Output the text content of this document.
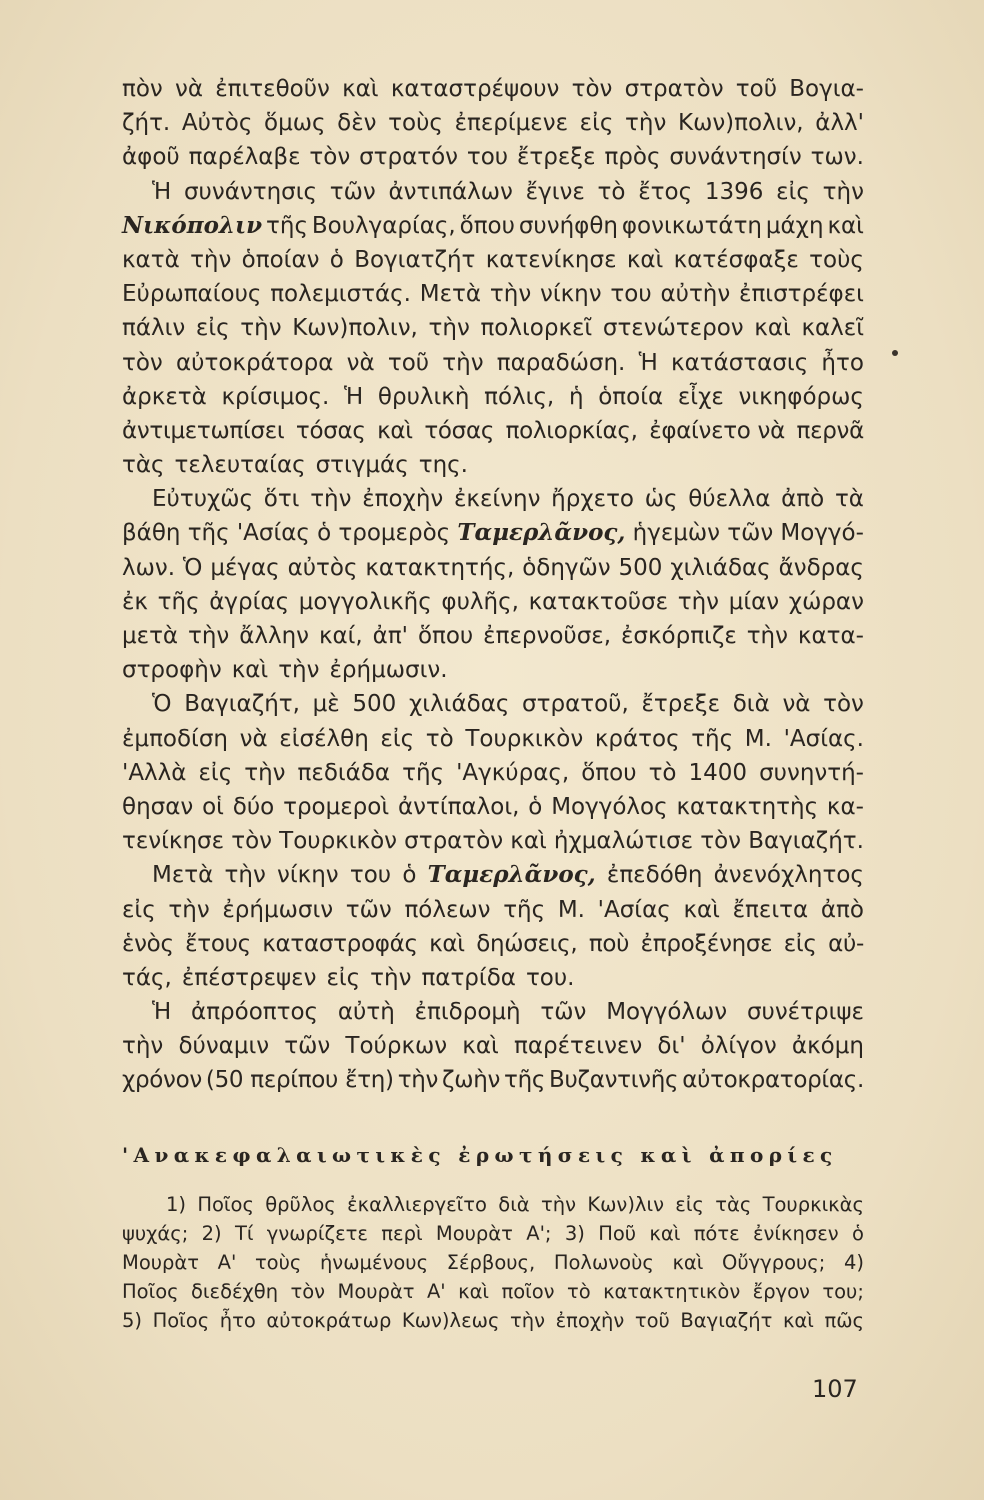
πὸν νὰ ἐπιτεθοῦν καὶ καταστρέψουν τὸν στρατὸν τοῦ Βογια-
ζήτ. Αὐτὸς ὅμως δὲν τοὺς ἐπερίμενε εἰς τὴν Κων)πολιν, ἀλλ'
ἀφοῦ παρέλαβε τὸν στρατόν του ἔτρεξε πρὸς συνάντησίν των.
Ἡ συνάντησις τῶν ἀντιπάλων ἔγινε τὸ ἔτος 1396 εἰς τὴν
Νικόπολιν τῆς Βουλγαρίας, ὅπου συνήφθη φονικωτάτη μάχη καὶ
κατὰ τὴν ὁποίαν ὁ Βογιατζήτ κατενίκησε καὶ κατέσφαξε τοὺς
Εὐρωπαίους πολεμιστάς. Μετὰ τὴν νίκην του αὐτὴν ἐπιστρέφει
πάλιν εἰς τὴν Κων)πολιν, τὴν πολιορκεῖ στενώτερον καὶ καλεῖ
τὸν αὐτοκράτορα νὰ τοῦ τὴν παραδώση. Ἡ κατάστασις ἦτο
ἀρκετὰ κρίσιμος. Ἡ θρυλικὴ πόλις, ἡ ὁποία εἶχε νικηφόρως
ἀντιμετωπίσει τόσας καὶ τόσας πολιορκίας, ἐφαίνετο νὰ περνᾶ
τὰς τελευταίας στιγμάς της.
Εὐτυχῶς ὅτι τὴν ἐποχὴν ἐκείνην ἤρχετο ὡς θύελλα ἀπὸ τὰ
βάθη τῆς 'Ασίας ὁ τρομερὸς Ταμερλᾶνος, ἡγεμὼν τῶν Μογγό-
λων. Ὁ μέγας αὐτὸς κατακτητής, ὁδηγῶν 500 χιλιάδας ἄνδρας
ἐκ τῆς ἀγρίας μογγολικῆς φυλῆς, κατακτοῦσε τὴν μίαν χώραν
μετὰ τὴν ἄλλην καί, ἀπ' ὅπου ἐπερνοῦσε, ἐσκόρπιζε τὴν κατα-
στροφὴν καὶ τὴν ἐρήμωσιν.
Ὁ Βαγιαζήτ, μὲ 500 χιλιάδας στρατοῦ, ἔτρεξε διὰ νὰ τὸν
ἐμποδίση νὰ εἰσέλθη εἰς τὸ Τουρκικὸν κράτος τῆς Μ. 'Ασίας.
'Αλλὰ εἰς τὴν πεδιάδα τῆς 'Αγκύρας, ὅπου τὸ 1400 συνηντή-
θησαν οἱ δύο τρομεροὶ ἀντίπαλοι, ὁ Μογγόλος κατακτητὴς κα-
τενίκησε τὸν Τουρκικὸν στρατὸν καὶ ἠχμαλώτισε τὸν Βαγιαζήτ.
Μετὰ τὴν νίκην του ὁ Ταμερλᾶνος, ἐπεδόθη ἀνενόχλητος
εἰς τὴν ἐρήμωσιν τῶν πόλεων τῆς Μ. 'Ασίας καὶ ἔπειτα ἀπὸ
ἑνὸς ἔτους καταστροφάς καὶ δηώσεις, ποὺ ἐπροξένησε εἰς αὐ-
τάς, ἐπέστρεψεν εἰς τὴν πατρίδα του.
Ἡ ἀπρόοπτος αὐτὴ ἐπιδρομὴ τῶν Μογγόλων συνέτριψε
τὴν δύναμιν τῶν Τούρκων καὶ παρέτεινεν δι' ὀλίγον ἀκόμη
χρόνον (50 περίπου ἔτη) τὴν ζωὴν τῆς Βυζαντινῆς αὐτοκρατορίας.
'Ανακεφαλαιωτικὲς ἐρωτήσεις καὶ ἀπορίες
1) Ποῖος θρῦλος ἐκαλλιεργεῖτο διὰ τὴν Κων)λιν εἰς τὰς Τουρκικὰς
ψυχάς; 2) Τί γνωρίζετε περὶ Μουρὰτ Α'; 3) Ποῦ καὶ πότε ἐνίκησεν ὁ
Μουρὰτ Α' τοὺς ἡνωμένους Σέρβους, Πολωνοὺς καὶ Οὔγγρους; 4)
Ποῖος διεδέχθη τὸν Μουρὰτ Α' καὶ ποῖον τὸ κατακτητικὸν ἔργον του;
5) Ποῖος ἦτο αὐτοκράτωρ Κων)λεως τὴν ἐποχὴν τοῦ Βαγιαζήτ καὶ πῶς
107
